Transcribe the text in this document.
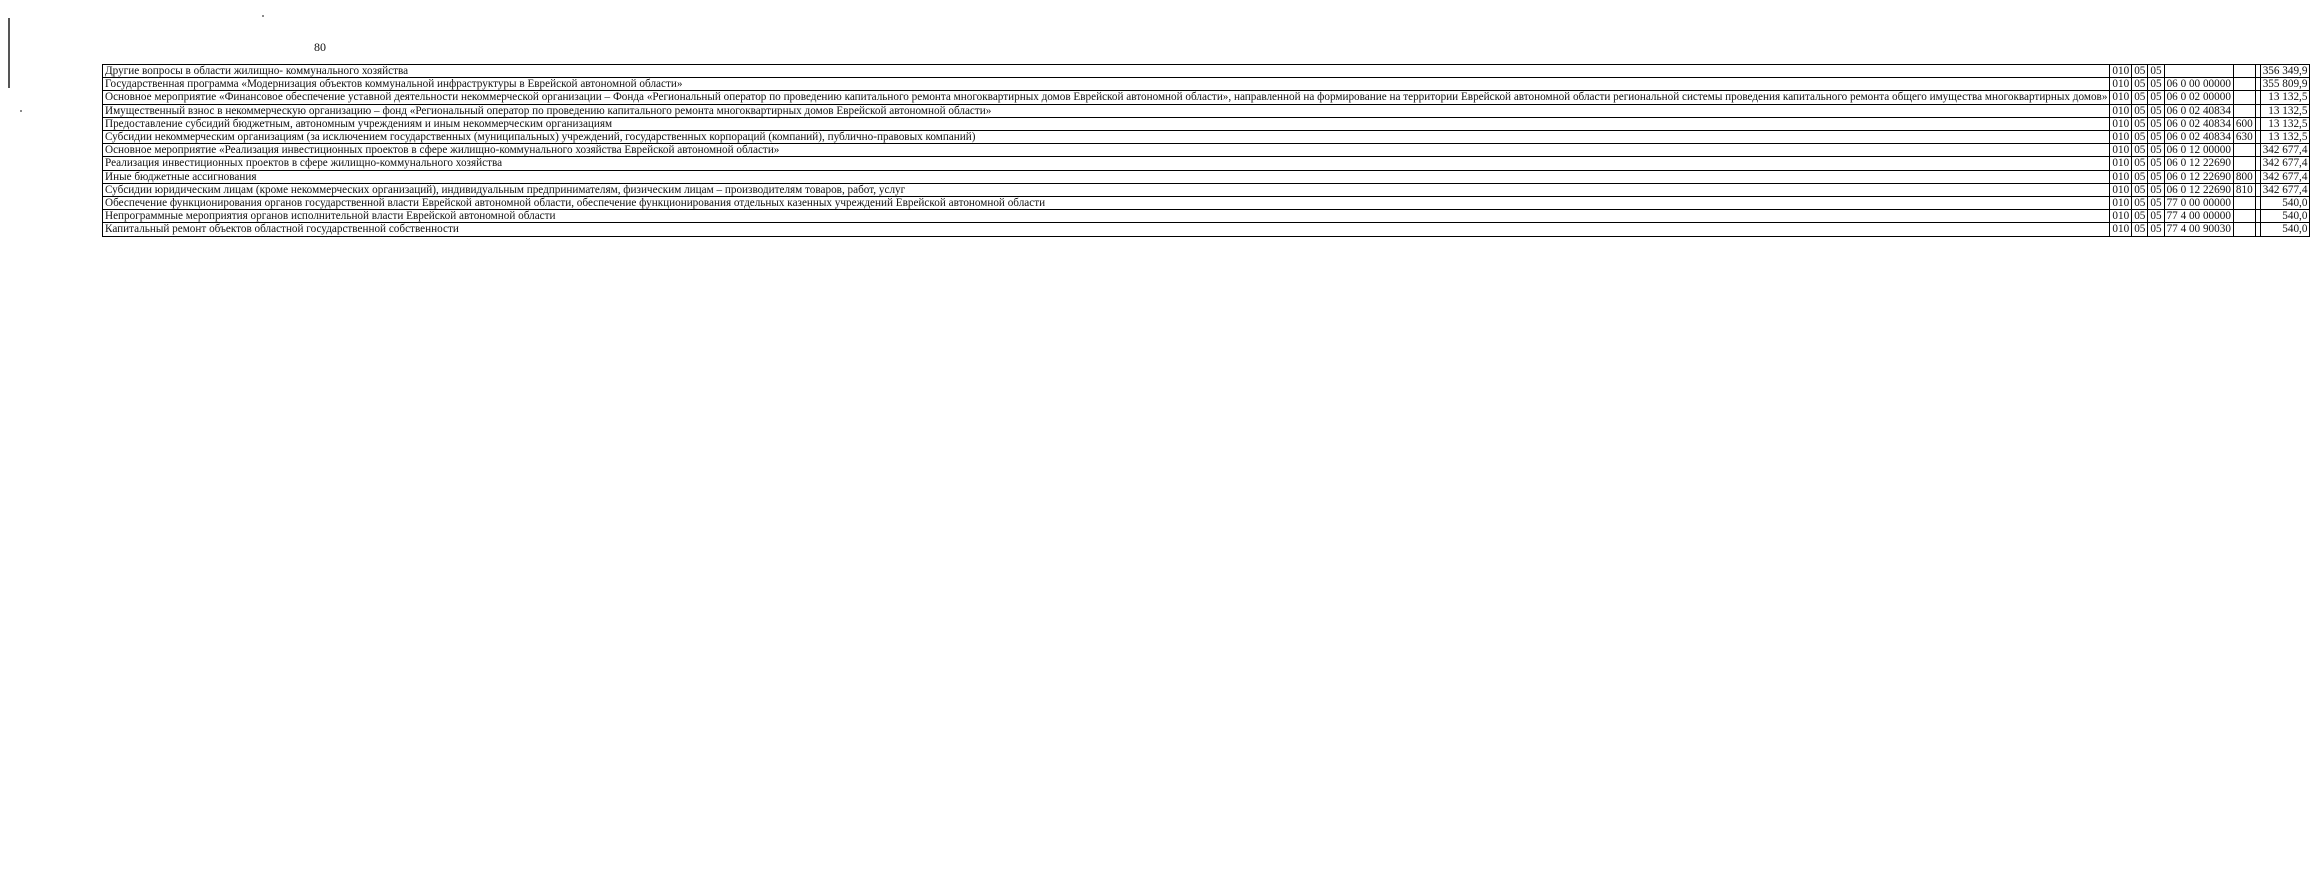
80
Другие вопросы в области жилищно- коммунального хозяйства	010	05	05				356 349,9
Государственная программа «Модернизация объектов коммунальной инфраструктуры в Еврейской автономной области»	010	05	05	06 0 00 00000			355 809,9
Основное мероприятие «Финансовое обеспечение уставной деятельности некоммерческой организации – Фонда «Региональный оператор по проведению капитального ремонта многоквартирных домов Еврейской автономной области», направленной на формирование на территории Еврейской автономной области региональной системы проведения капитального ремонта общего имущества многоквартирных домов»	010	05	05	06 0 02 00000			13 132,5
Имущественный взнос в некоммерческую организацию – фонд «Региональный оператор по проведению капитального ремонта многоквартирных домов Еврейской автономной области»	010	05	05	06 0 02 40834			13 132,5
Предоставление субсидий бюджетным, автономным учреждениям и иным некоммерческим организациям	010	05	05	06 0 02 40834	600		13 132,5
Субсидии некоммерческим организациям (за исключением государственных (муниципальных) учреждений, государственных корпораций (компаний), публично-правовых компаний)	010	05	05	06 0 02 40834	630		13 132,5
Основное мероприятие «Реализация инвестиционных проектов в сфере жилищно-коммунального хозяйства Еврейской автономной области»	010	05	05	06 0 12 00000			342 677,4
Реализация инвестиционных проектов в сфере жилищно-коммунального хозяйства	010	05	05	06 0 12 22690			342 677,4
Иные бюджетные ассигнования	010	05	05	06 0 12 22690	800		342 677,4
Субсидии юридическим лицам (кроме некоммерческих организаций), индивидуальным предпринимателям, физическим лицам – производителям товаров, работ, услуг	010	05	05	06 0 12 22690	810		342 677,4
Обеспечение функционирования органов государственной власти Еврейской автономной области, обеспечение функционирования отдельных казенных учреждений Еврейской автономной области	010	05	05	77 0 00 00000			540,0
Непрограммные мероприятия органов исполнительной власти Еврейской автономной области	010	05	05	77 4 00 00000			540,0
Капитальный ремонт объектов областной государственной собственности	010	05	05	77 4 00 90030			540,0
